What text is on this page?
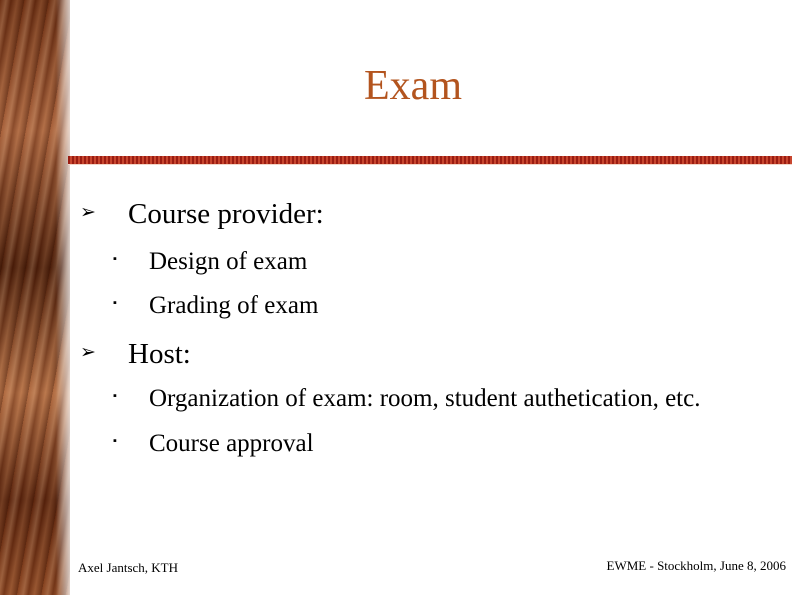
Exam
➢ Course provider:
▪ Design of exam
▪ Grading of exam
➢ Host:
▪ Organization of exam: room, student authetication, etc.
▪ Course approval
Axel Jantsch, KTH	EWME - Stockholm, June 8, 2006
